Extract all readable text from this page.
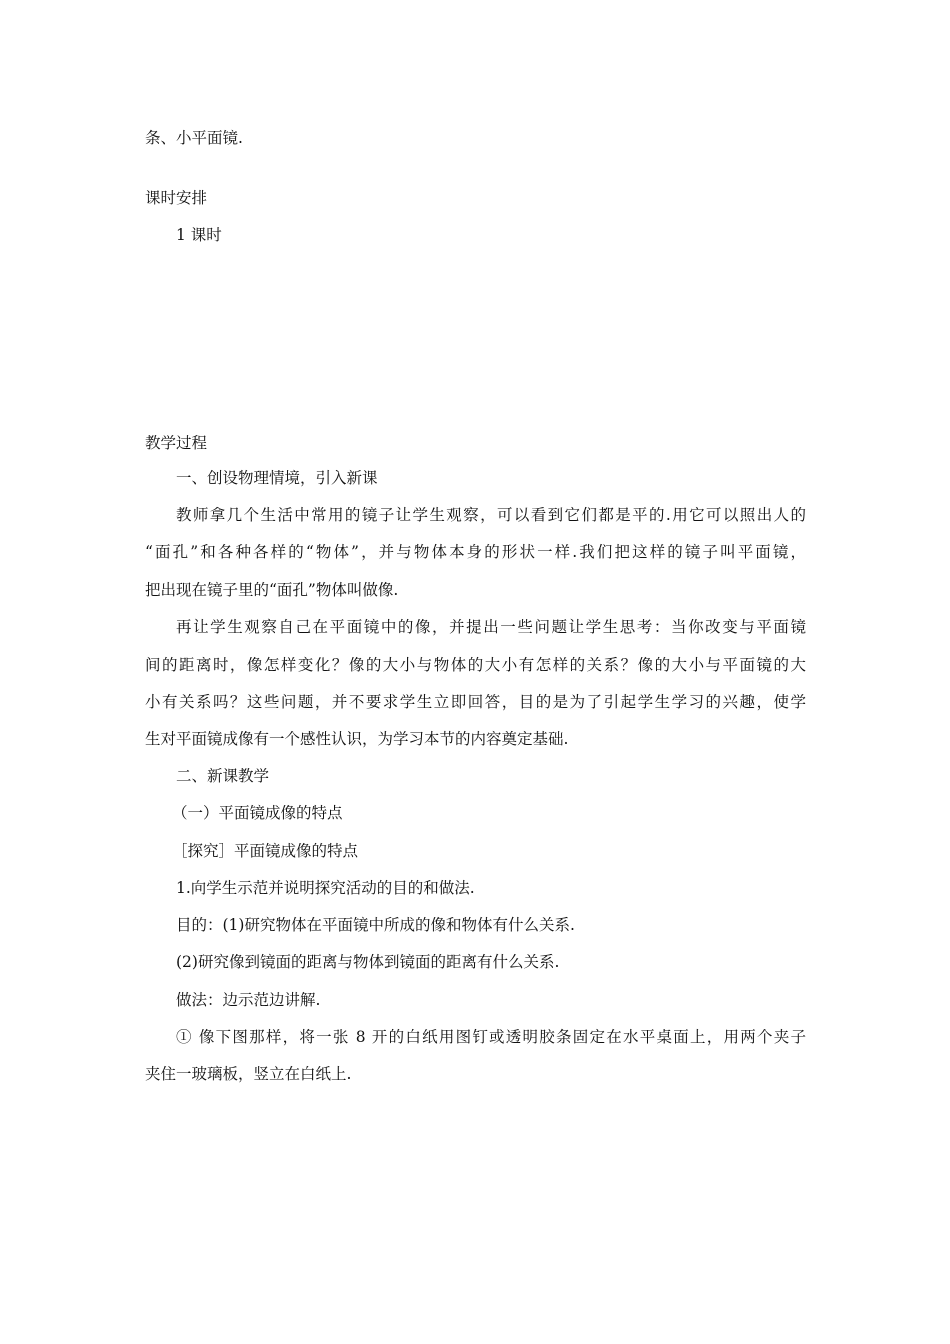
条、小平面镜.

课时安排

1 课时

教学过程

一、创设物理情境，引入新课

教师拿几个生活中常用的镜子让学生观察，可以看到它们都是平的.用它可以照出人的

“面孔”和各种各样的“物体”，并与物体本身的形状一样.我们把这样的镜子叫平面镜，

把出现在镜子里的“面孔”物体叫做像.

再让学生观察自己在平面镜中的像，并提出一些问题让学生思考：当你改变与平面镜

间的距离时，像怎样变化？像的大小与物体的大小有怎样的关系？像的大小与平面镜的大

小有关系吗？这些问题，并不要求学生立即回答，目的是为了引起学生学习的兴趣，使学

生对平面镜成像有一个感性认识，为学习本节的内容奠定基础.

二、新课教学

（一）平面镜成像的特点

［探究］平面镜成像的特点

1.向学生示范并说明探究活动的目的和做法.

目的：(1)研究物体在平面镜中所成的像和物体有什么关系.

(2)研究像到镜面的距离与物体到镜面的距离有什么关系.

做法：边示范边讲解.

① 像下图那样，将一张 8 开的白纸用图钉或透明胶条固定在水平桌面上，用两个夹子

夹住一玻璃板，竖立在白纸上.
